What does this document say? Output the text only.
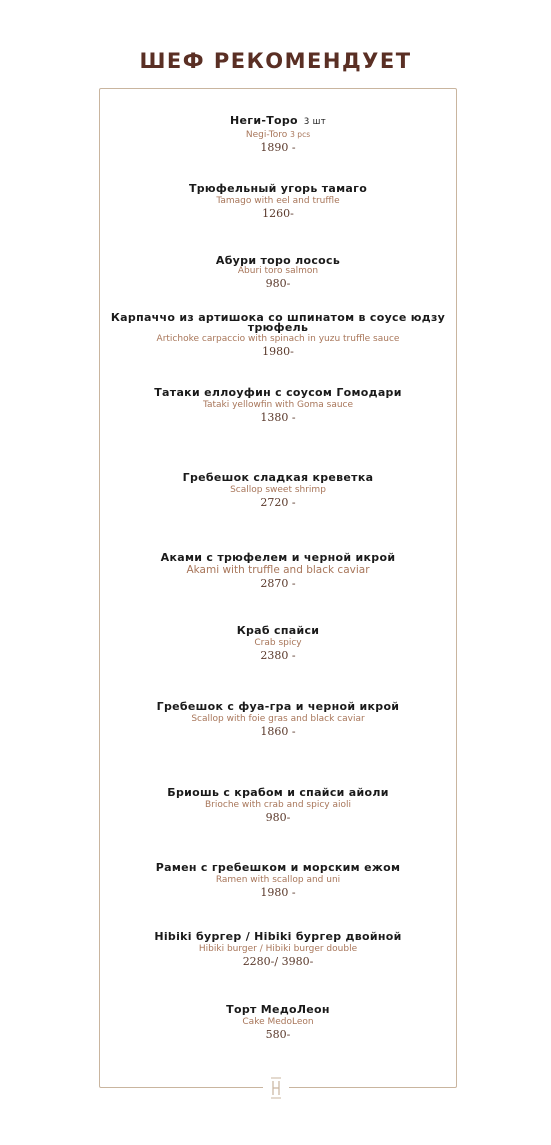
ШЕФ РЕКОМЕНДУЕТ
Неги-Торо 3 шт
Negi-Toro 3 pcs
1890 -
Трюфельный угорь тамаго
Tamago with eel and truffle
1260-
Абури торо лосось
Aburi toro salmon
980-
Карпаччо из артишока со шпинатом в соусе юдзу трюфель
Artichoke carpaccio with spinach in yuzu truffle sauce
1980-
Татаки еллоуфин с соусом Гомодари
Tataki yellowfin with Goma sauce
1380 -
Гребешок сладкая креветка
Scallop sweet shrimp
2720 -
Аками с трюфелем и черной икрой
Akami with truffle and black caviar
2870 -
Краб спайси
Crab spicy
2380 -
Гребешок с фуа-гра и черной икрой
Scallop with foie gras and black caviar
1860 -
Бриошь с крабом и спайси айоли
Brioche with crab and spicy aioli
980-
Рамен с гребешком и морским ежом
Ramen with scallop and uni
1980 -
Hibiki бургер / Hibiki бургер двойной
Hibiki burger / Hibiki burger double
2280-/ 3980-
Торт МедоЛеон
Cake MedoLeon
580-
